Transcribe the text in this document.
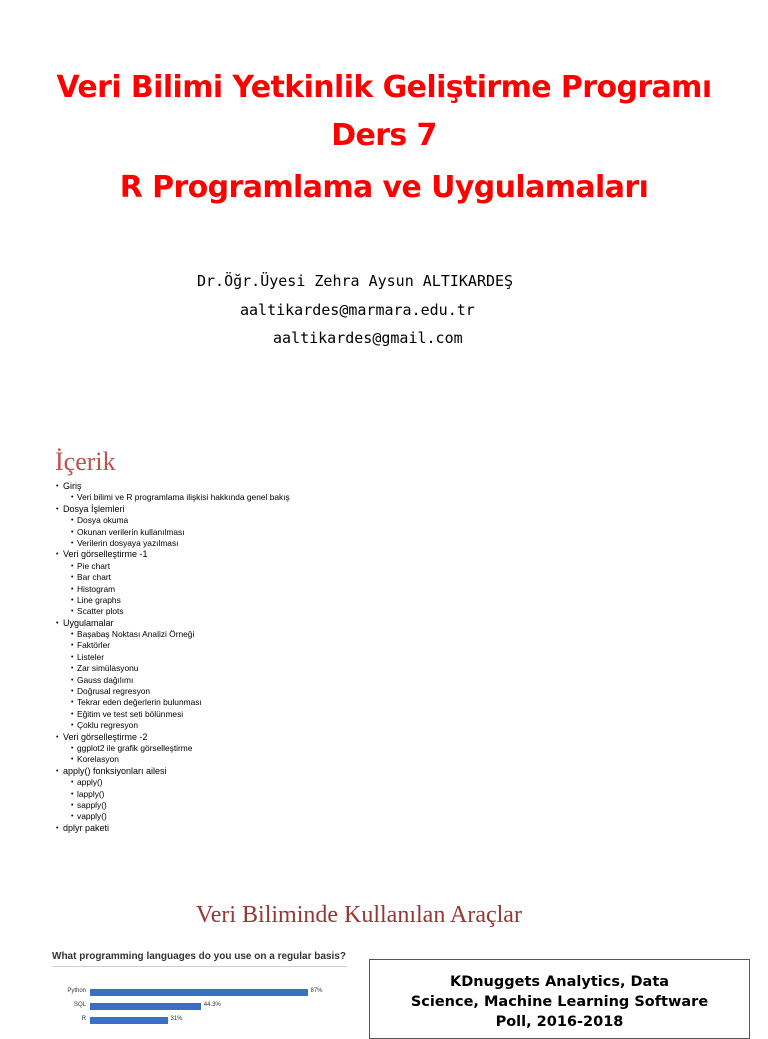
Veri Bilimi Yetkinlik Geliştirme Programı
Ders 7
R Programlama ve Uygulamaları
Dr.Öğr.Üyesi Zehra Aysun ALTIKARDEŞ
aaltikardes@marmara.edu.tr
aaltikardes@gmail.com
İçerik
• Giriş
• Veri bilimi ve R programlama ilişkisi hakkında genel bakış
• Dosya İşlemleri
• Dosya okuma
• Okunan verilerin kullanılması
• Verilerin dosyaya yazılması
• Veri görselleştirme -1
• Pie chart
• Bar chart
• Histogram
• Line graphs
• Scatter plots
• Uygulamalar
• Başabaş Noktası Analizi Örneği
• Faktörler
• Listeler
• Zar simülasyonu
• Gauss dağılımı
• Doğrusal regresyon
• Tekrar eden değerlerin bulunması
• Eğitim ve test seti bölünmesi
• Çoklu regresyon
• Veri görselleştirme -2
• ggplot2 ile grafik görselleştirme
• Korelasyon
• apply() fonksiyonları ailesi
• apply()
• lapply()
• sapply()
• vapply()
• dplyr paketi
Veri Biliminde Kullanılan Araçlar
What programming languages do you use on a regular basis?
Python	87%
SQL	44.3%
R	31%
KDnuggets Analytics, Data
Science, Machine Learning Software
Poll, 2016-2018
